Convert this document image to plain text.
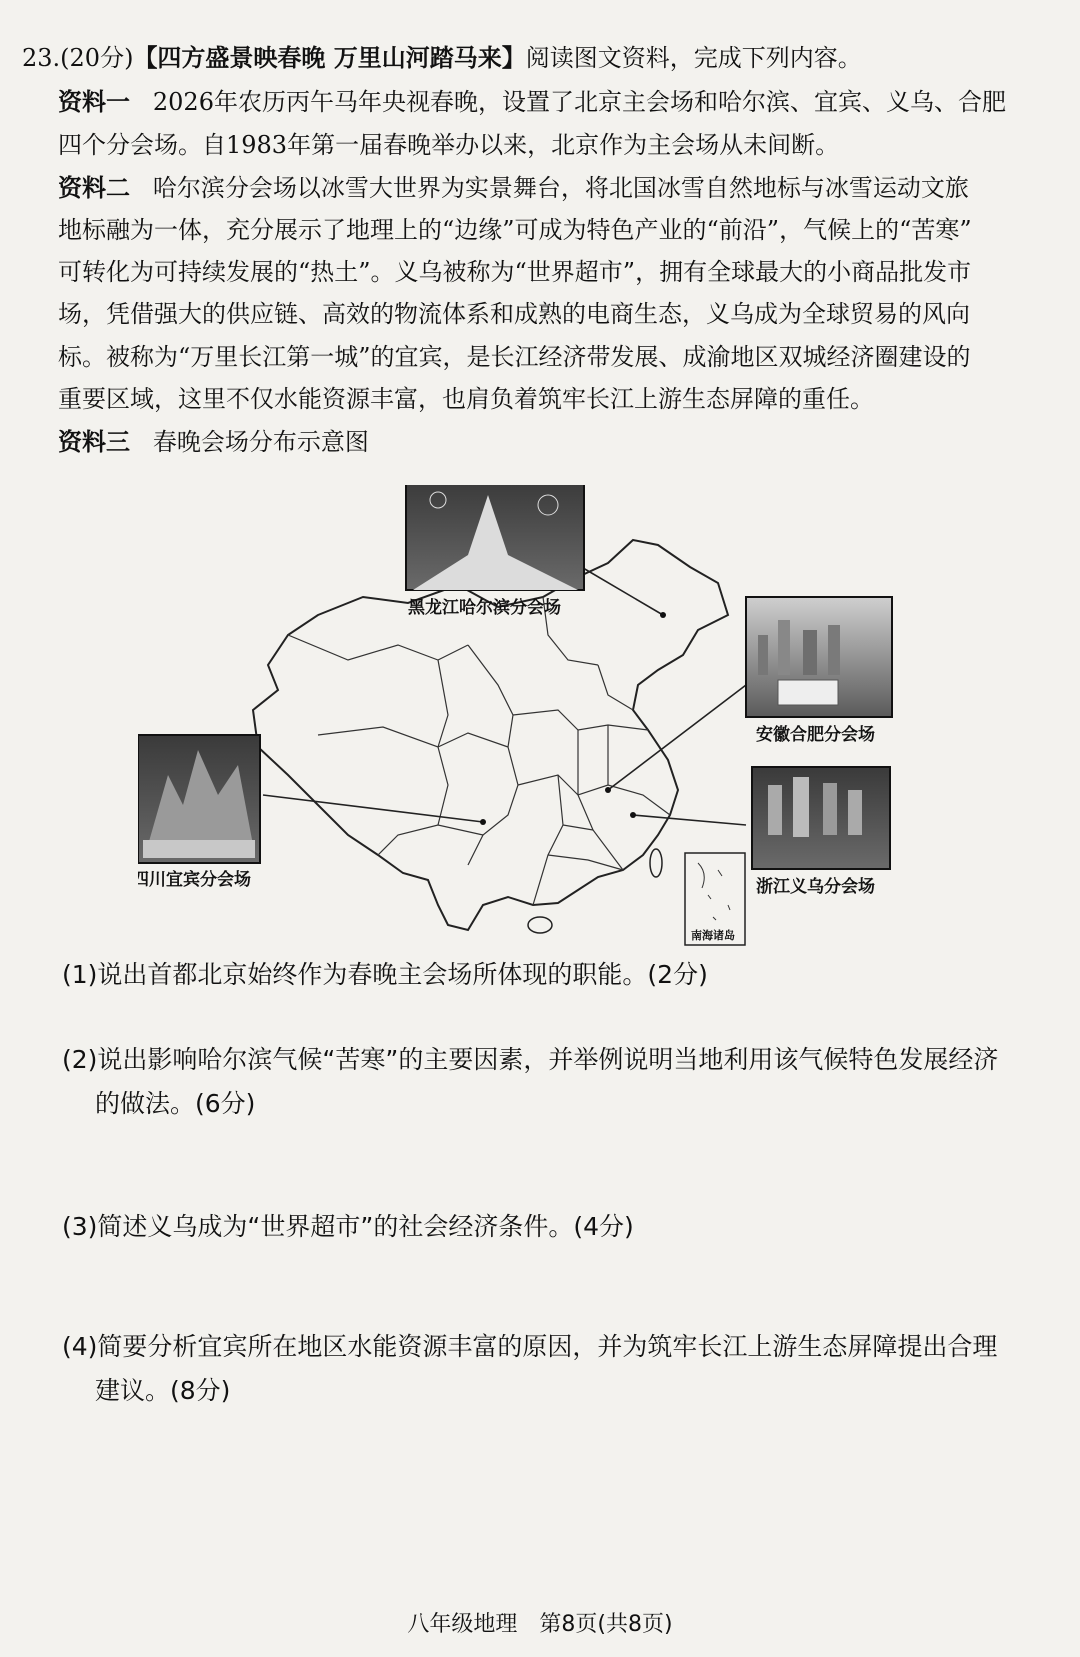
23.(20分)【四方盛景映春晚 万里山河踏马来】阅读图文资料，完成下列内容。
资料一 2026年农历丙午马年央视春晚，设置了北京主会场和哈尔滨、宜宾、义乌、合肥
四个分会场。自1983年第一届春晚举办以来，北京作为主会场从未间断。
资料二 哈尔滨分会场以冰雪大世界为实景舞台，将北国冰雪自然地标与冰雪运动文旅
地标融为一体，充分展示了地理上的“边缘”可成为特色产业的“前沿”，气候上的“苦寒”
可转化为可持续发展的“热土”。义乌被称为“世界超市”，拥有全球最大的小商品批发市
场，凭借强大的供应链、高效的物流体系和成熟的电商生态，义乌成为全球贸易的风向
标。被称为“万里长江第一城”的宜宾，是长江经济带发展、成渝地区双城经济圈建设的
重要区域，这里不仅水能资源丰富，也肩负着筑牢长江上游生态屏障的重任。
资料三 春晚会场分布示意图
南海诸岛
黑龙江哈尔滨分会场
安徽合肥分会场
浙江义乌分会场
四川宜宾分会场
(1)说出首都北京始终作为春晚主会场所体现的职能。(2分)
(2)说出影响哈尔滨气候“苦寒”的主要因素，并举例说明当地利用该气候特色发展经济
的做法。(6分)
(3)简述义乌成为“世界超市”的社会经济条件。(4分)
(4)简要分析宜宾所在地区水能资源丰富的原因，并为筑牢长江上游生态屏障提出合理
建议。(8分)
八年级地理　第8页(共8页)
